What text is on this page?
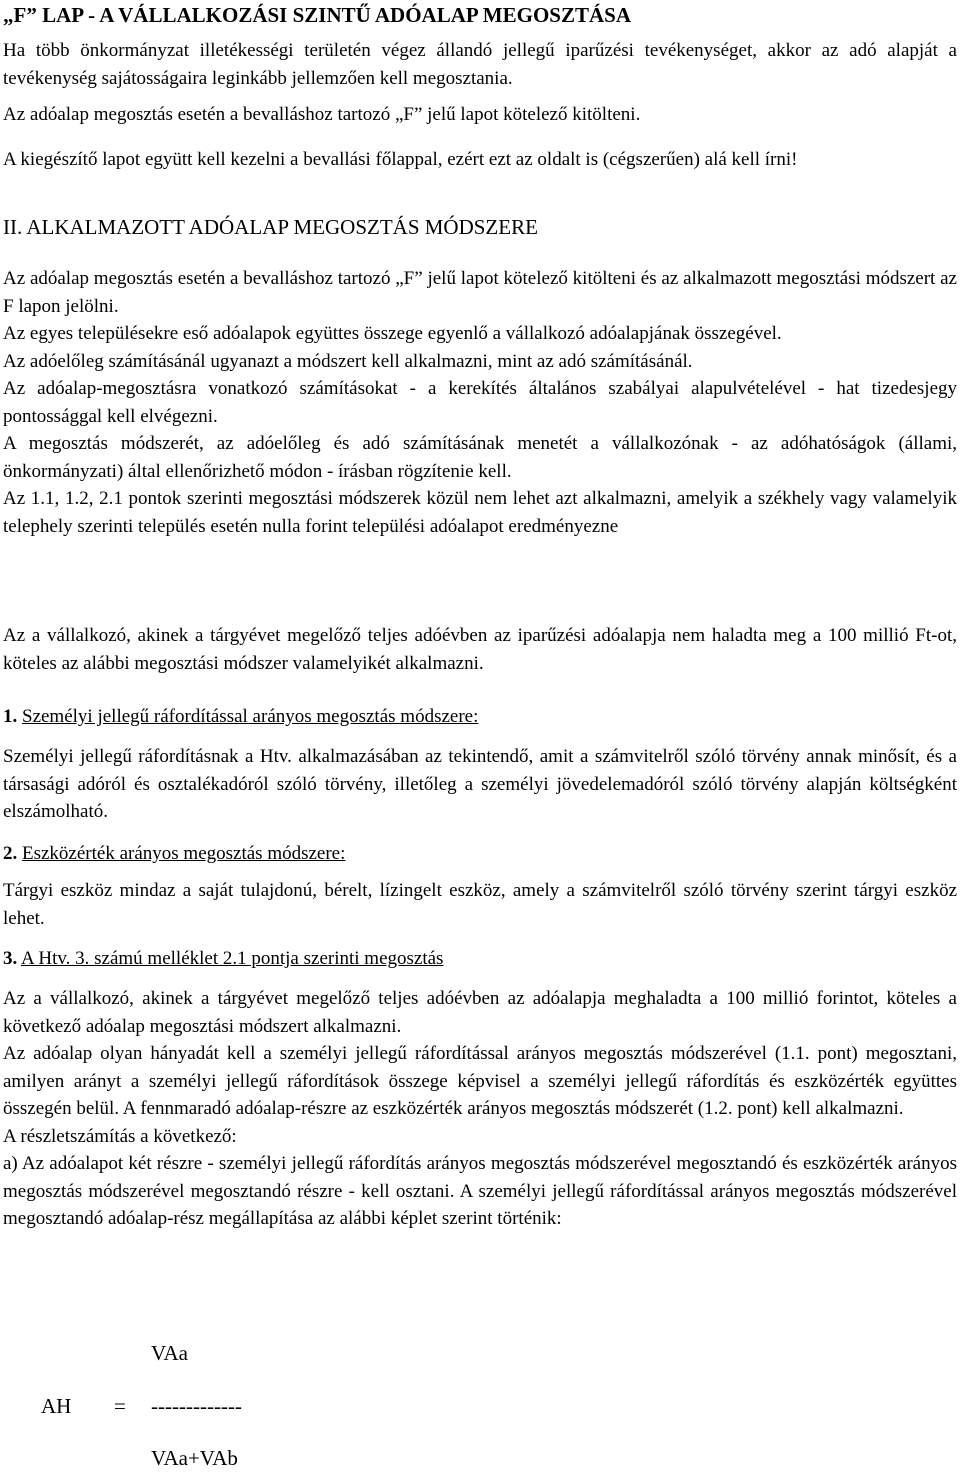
„F” LAP - A VÁLLALKOZÁSI SZINTŰ ADÓALAP MEGOSZTÁSA

Ha több önkormányzat illetékességi területén végez állandó jellegű iparűzési tevékenységet, akkor az adó alapját a tevékenység sajátosságaira leginkább jellemzően kell megosztania.

Az adóalap megosztás esetén a bevalláshoz tartozó „F” jelű lapot kötelező kitölteni.

A kiegészítő lapot együtt kell kezelni a bevallási főlappal, ezért ezt az oldalt is (cégszerűen) alá kell írni!

II. ALKALMAZOTT ADÓALAP MEGOSZTÁS MÓDSZERE

Az adóalap megosztás esetén a bevalláshoz tartozó „F” jelű lapot kötelező kitölteni és az alkalmazott megosztási módszert az F lapon jelölni.

Az egyes településekre eső adóalapok együttes összege egyenlő a vállalkozó adóalapjának összegével.

Az adóelőleg számításánál ugyanazt a módszert kell alkalmazni, mint az adó számításánál.

Az adóalap-megosztásra vonatkozó számításokat - a kerekítés általános szabályai alapulvételével - hat tizedesjegy pontossággal kell elvégezni.

A megosztás módszerét, az adóelőleg és adó számításának menetét a vállalkozónak - az adóhatóságok (állami, önkormányzati) által ellenőrizhető módon - írásban rögzítenie kell.

Az 1.1, 1.2, 2.1 pontok szerinti megosztási módszerek közül nem lehet azt alkalmazni, amelyik a székhely vagy valamelyik telephely szerinti település esetén nulla forint települési adóalapot eredményezne

Az a vállalkozó, akinek a tárgyévet megelőző teljes adóévben az iparűzési adóalapja nem haladta meg a 100 millió Ft-ot, köteles az alábbi megosztási módszer valamelyikét alkalmazni.

1. Személyi jellegű ráfordítással arányos megosztás módszere:

Személyi jellegű ráfordításnak a Htv. alkalmazásában az tekintendő, amit a számvitelről szóló törvény annak minősít, és a társasági adóról és osztalékadóról szóló törvény, illetőleg a személyi jövedelemadóról szóló törvény alapján költségként elszámolható.

2. Eszközérték arányos megosztás módszere:

Tárgyi eszköz mindaz a saját tulajdonú, bérelt, lízingelt eszköz, amely a számvitelről szóló törvény szerint tárgyi eszköz lehet.

3. A Htv. 3. számú melléklet 2.1 pontja szerinti megosztás

Az a vállalkozó, akinek a tárgyévet megelőző teljes adóévben az adóalapja meghaladta a 100 millió forintot, köteles a következő adóalap megosztási módszert alkalmazni.

Az adóalap olyan hányadát kell a személyi jellegű ráfordítással arányos megosztás módszerével (1.1. pont) megosztani, amilyen arányt a személyi jellegű ráfordítások összege képvisel a személyi jellegű ráfordítás és eszközérték együttes összegén belül. A fennmaradó adóalap-részre az eszközérték arányos megosztás módszerét (1.2. pont) kell alkalmazni.

A részletszámítás a következő:

a) Az adóalapot két részre - személyi jellegű ráfordítás arányos megosztás módszerével megosztandó és eszközérték arányos megosztás módszerével megosztandó részre - kell osztani. A személyi jellegű ráfordítással arányos megosztás módszerével megosztandó adóalap-rész megállapítása az alábbi képlet szerint történik:

VAa
AH = -------------
VAa+VAb
